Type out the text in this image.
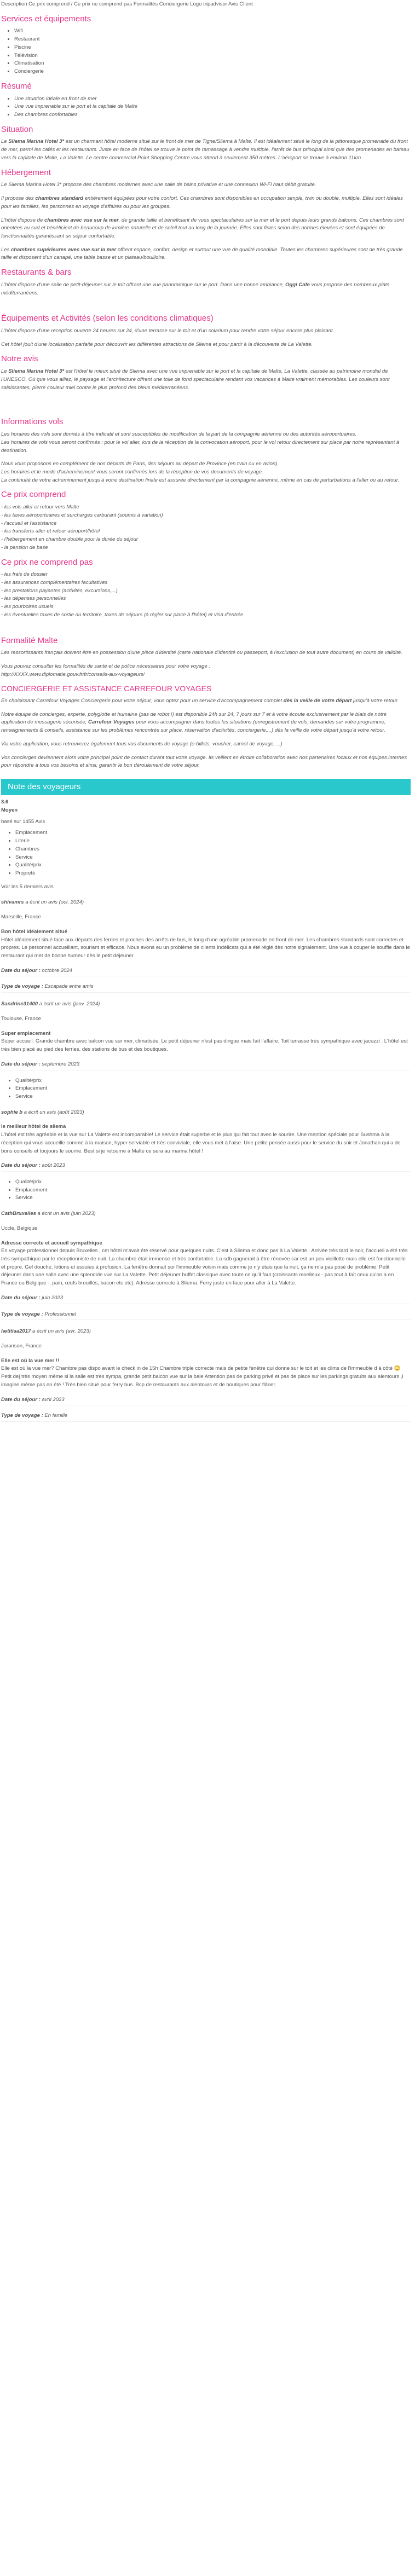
Description Ce prix comprend / Ce prix ne comprend pas Formalités Conciergerie Logo tripadvisor Avis Client
Services et équipements
• Wifi
• Restaurant
• Piscine
• Télévision
• Climatisation
• Conciergerie
Résumé
• Une situation idéale en front de mer
• Une vue imprenable sur le port et la capitale de Malte
• Des chambres confortables
Situation

Le Sliema Marina Hotel 3* est un charmant hôtel moderne situé sur le front de mer de Tigne/Sliema à Malte. Il est idéalement situé le long de la pittoresque promenade du front de mer, parmi les cafés et les restaurants. Juste en face de l'hôtel se trouve le point de ramassage à vendre multiple, l'arrêt de bus principal ainsi que des promenades en bateau vers la capitale de Malte, La Valette. Le centre commercial Point Shopping Centre vous attend à seulement 350 mètres. L'aéroport se trouve à environ 11km.

Hébergement

Le Sliema Marina Hotel 3* propose des chambres modernes avec une salle de bains privative et une connexion Wi-Fi haut débit gratuite.

Il propose des chambres standard entièrement équipées pour votre confort. Ces chambres sont disponibles en occupation simple, twin ou double, multiple. Elles sont idéales pour les familles, les personnes en voyage d'affaires ou pour les groupes.

L'hôtel dispose de chambres avec vue sur la mer, de grande taille et bénéficiant de vues spectaculaires sur la mer et le port depuis leurs grands balcons. Ces chambres sont orientées au sud et bénéficient de beaucoup de lumière naturelle et de soleil tout au long de la journée. Elles sont finies selon des normes élevées et sont équipées de fonctionnalités garantissant un séjour confortable.

Les chambres supérieures avec vue sur la mer offrent espace, confort, design et surtout une vue de qualité mondiale. Toutes les chambres supérieures sont de très grande taille et disposent d'un canapé, une table basse et un plateau/bouilloire.

Restaurants & bars

L'hôtel dispose d'une salle de petit-déjeuner sur le toit offrant une vue panoramique sur le port. Dans une bonne ambiance, Oggi Cafe vous propose des nombreux plats méditerranéens.

Équipements et Activités (selon les conditions climatiques)

L'hôtel dispose d'une réception ouverte 24 heures sur 24, d'une terrasse sur le toit et d'un solarium pour rendre votre séjour encore plus plaisant.

Cet hôtel jouit d'une localisation parfaite pour découvrir les différentes attractions de Sliema et pour partir à la découverte de La Valette.

Notre avis

Le Sliema Marina Hotel 3* est l'hôtel le mieux situé de Sliema avec une vue imprenable sur le port et la capitale de Malte, La Valette, classée au patrimoine mondial de l'UNESCO. Où que vous alliez, le paysage et l'architecture offrent une toile de fond spectaculaire rendant vos vacances à Malte vraiment mémorables. Les couleurs sont saisissantes, pierre couleur miel contre le plus profond des bleus méditerranéens.

Informations vols

Les horaires des vols sont donnés à titre indicatif et sont susceptibles de modification de la part de la compagnie aérienne ou des autorités aéroportuaires.
Les horaires de vols vous seront confirmés : pour le vol aller, lors de la réception de la convocation aéroport, pour le vol retour directement sur place par notre représentant à destination.

Nous vous proposons en complément de nos départs de Paris, des séjours au départ de Province (en train ou en avion).
Les horaires et le mode d'acheminement vous seront confirmés lors de la réception de vos documents de voyage.
La continuité de votre acheminement jusqu'à votre destination finale est assurée directement par la compagnie aérienne, même en cas de perturbations à l'aller ou au retour.

Ce prix comprend
- les vols aller et retour vers Malte
- les taxes aéroportuaires et surcharges carburant (soumis à variation)
- l'accueil et l'assistance
- les transferts aller et retour aéroport/hôtel
- l'hébergement en chambre double pour la durée du séjour
- la pension de base
Ce prix ne comprend pas
- les frais de dossier
- les assurances complémentaires facultatives
- les prestations payantes (activités, excursions,...)
- les dépenses personnelles
- les pourboires usuels
- les éventuelles taxes de sortie du territoire, taxes de séjours (à régler sur place à l'hôtel) et visa d'entrée
Formalité Malte

Les ressortissants français doivent être en possession d'une pièce d'identité (carte nationale d'identité ou passeport, à l'exclusion de tout autre document) en cours de validité.

Vous pouvez consulter les formalités de santé et de police nécessaires pour votre voyage :
http://XXXX.www.diplomatie.gouv.fr/fr/conseils-aux-voyageurs/

CONCIERGERIE ET ASSISTANCE CARREFOUR VOYAGES

En choisissant Carrefour Voyages Conciergerie pour votre séjour, vous optez pour un service d'accompagnement complet dès la veille de votre départ jusqu'à votre retour.

Notre équipe de concierges, experte, polyglotte et humaine (pas de robot !) est disponible 24h sur 24, 7 jours sur 7 et à votre écoute exclusivement par le biais de notre application de messagerie sécurisée, Carrefour Voyages pour vous accompagner dans toutes les situations (enregistrement de vols, demandes sur votre programme, renseignements & conseils, assistance sur les problèmes rencontrés sur place, réservation d'activités, conciergerie,...) dès la veille de votre départ jusqu'à votre retour.

Via votre application, vous retrouverez également tous vos documents de voyage (e-billets, voucher, carnet de voyage, ...)

Vos concierges deviennent alors votre principal point de contact durant tout votre voyage. Ils veillent en étroite collaboration avec nos partenaires locaux et nos équipes internes pour répondre à tous vos besoins et ainsi, garantir le bon déroulement de votre séjour.

Note des voyageurs
3.6
Moyen
basé sur 1455 Avis
• Emplacement
• Literie
• Chambres
• Service
• Qualité/prix
• Propreté
Voir les 5 derniers avis
shivamrs a écrit un avis (oct. 2024)
Marseille, France
Bon hôtel idéalement situé
Hôtel idéalement situé face aux départs des ferries et proches des arrêts de bus, le long d'une agréable promenade en front de mer. Les chambres standards sont correctes et propres. Le personnel accueillant, souriant et efficace. Nous avons eu un problème de clients indélicats qui a été réglé dès notre signalement. Une vue à couper le souffle dans le restaurant qui met de bonne humeur dès le petit déjeuner.
Date du séjour : octobre 2024
Type de voyage : Escapade entre amis
Sandrine31400 a écrit un avis (janv. 2024)
Toulouse, France
Super emplacement
Super accueil. Grande chambre avec balcon vue sur mer, climatisée. Le petit déjeuner n'est pas dingue mais fait l'affaire. Toit terrasse très sympathique avec jacuzzi . L'hôtel est très bien placé au pied des ferries, des stations de bus et des boutiques.
Date du séjour : septembre 2023
• Qualité/prix
• Emplacement
• Service
sophie b a écrit un avis (août 2023)
le meilleur hôtel de sliema
L'hôtel est très agréable et la vue sur La Valette est incomparable! Le service était superbe et le plus qui fait tout avec le sourire. Une mention spéciale pour Sushma à la réception qui vous accueille comme à la maison, hyper serviable et très conviviale, elle vous met à l'aise. Une petite pensée aussi pour le service du soir et Jonathan qui a de bons conseils et toujours le sourire. Best si je retourne à Malte ce sera au marina hôtel !
Date du séjour : août 2023
• Qualité/prix
• Emplacement
• Service
CathBruxelles a écrit un avis (juin 2023)
Uccle, Belgique
Adresse correcte et accueil sympathique
En voyage professionnel depuis Bruxelles , cet hôtel m'avait été réservé pour quelques nuits. C'est à Sliema et donc pas à La Valette . Arrivée très tard le soir, l'accueil a été très très sympathique par le réceptionniste de nuit. La chambre était immense et très confortable. La sdb gagnerait à être rénovée car est un peu vieillotte mais elle est fonctionnelle et propre. Gel douche, lotions et essuies à profusion. La fenêtre donnait sur l'immeuble voisin mais comme je n'y étais que la nuit, ça ne m'a pas posé de problème. Petit déjeuner dans une salle avec une splendide vue sur La Valette. Petit déjeuner buffet classique avec toute ce qu'il faut (croissants moelleux - pas tout à fait ceux qu'on a en France ou Belgique -, pain, œufs brouillés, bacon etc etc). Adresse correcte à Sliema. Ferry juste en face pour aller à La Valette.
Date du séjour : juin 2023
Type de voyage : Professionnel
lætitiaa2017 a écrit un avis (avr. 2023)
Juranson, France
Elle est où la vue mer !!
Elle est où la vue mer? Chambre pas dispo avant le check in de 15h Chambre triple correcte mais de petite fenêtre qui donne sur le toit et les clims de l'immeuble d à côté 😳 Petit dej très moyen même si la salle est très sympa, grande petit balcon vue sur la baie Attention pas de parking privé et pas de place sur les parkings gratuits aux alentours ,l imagine même pas en été ! Très bien situé pour ferry bus. Bcp de restaurants aux alentours et de boutiques pour flâner.
Date du séjour : avril 2023
Type de voyage : En famille
